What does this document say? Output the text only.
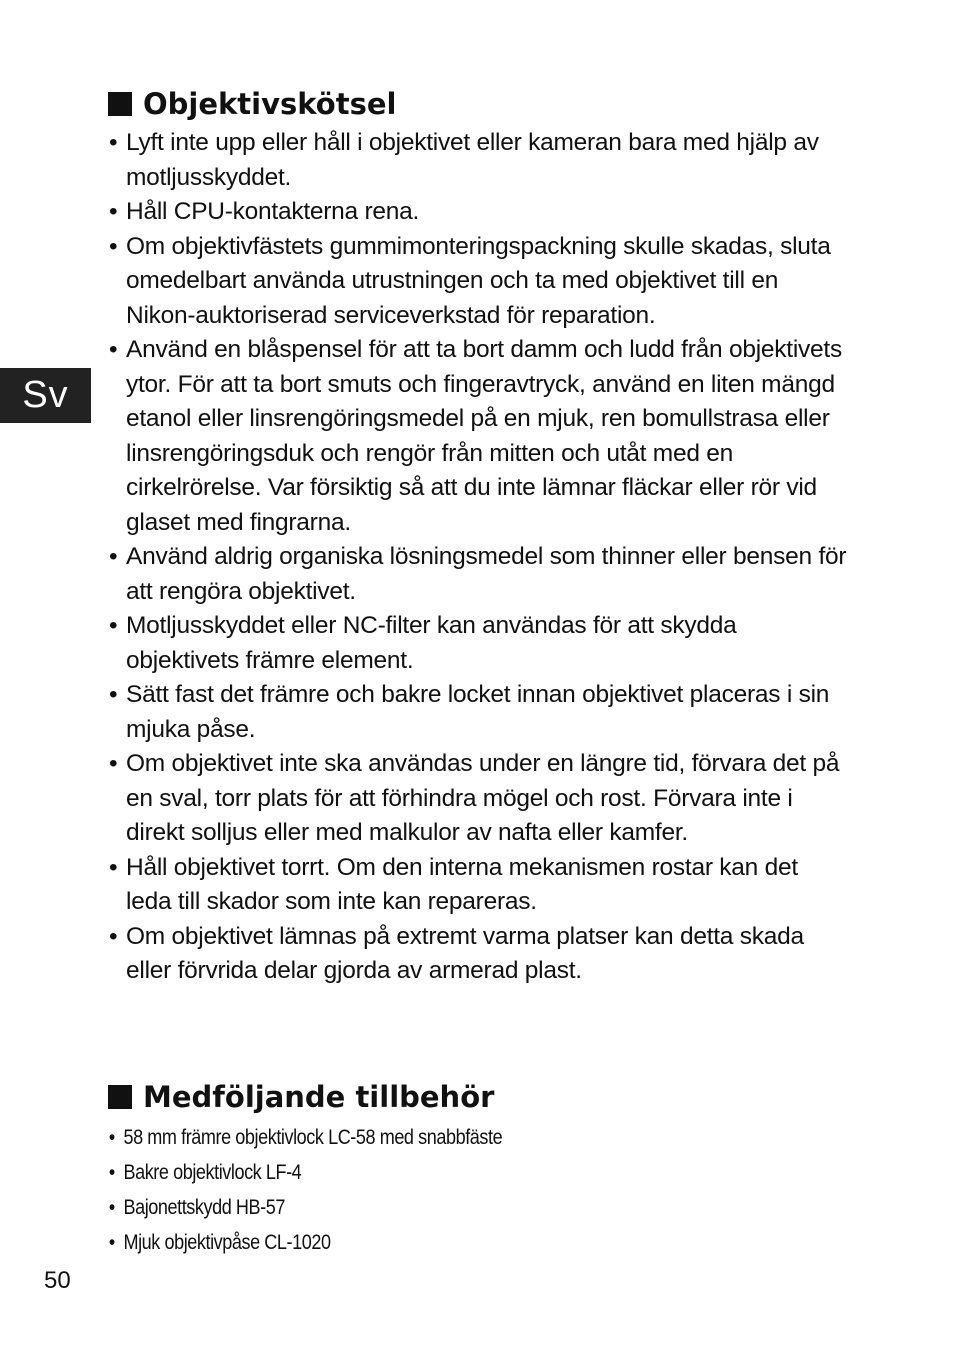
Sv
Objektivskötsel
• Lyft inte upp eller håll i objektivet eller kameran bara med hjälp av motljusskyddet.
• Håll CPU-kontakterna rena.
• Om objektivfästets gummimonteringspackning skulle skadas, sluta omedelbart använda utrustningen och ta med objektivet till en Nikon-auktoriserad serviceverkstad för reparation.
• Använd en blåspensel för att ta bort damm och ludd från objektivets ytor. För att ta bort smuts och fingeravtryck, använd en liten mängd etanol eller linsrengöringsmedel på en mjuk, ren bomullstrasa eller linsrengöringsduk och rengör från mitten och utåt med en cirkelrörelse. Var försiktig så att du inte lämnar fläckar eller rör vid glaset med fingrarna.
• Använd aldrig organiska lösningsmedel som thinner eller bensen för att rengöra objektivet.
• Motljusskyddet eller NC-filter kan användas för att skydda objektivets främre element.
• Sätt fast det främre och bakre locket innan objektivet placeras i sin mjuka påse.
• Om objektivet inte ska användas under en längre tid, förvara det på en sval, torr plats för att förhindra mögel och rost. Förvara inte i direkt solljus eller med malkulor av nafta eller kamfer.
• Håll objektivet torrt. Om den interna mekanismen rostar kan det leda till skador som inte kan repareras.
• Om objektivet lämnas på extremt varma platser kan detta skada eller förvrida delar gjorda av armerad plast.
Medföljande tillbehör
• 58 mm främre objektivlock LC-58 med snabbfäste
• Bakre objektivlock LF-4
• Bajonettskydd HB-57
• Mjuk objektivpåse CL-1020
50
